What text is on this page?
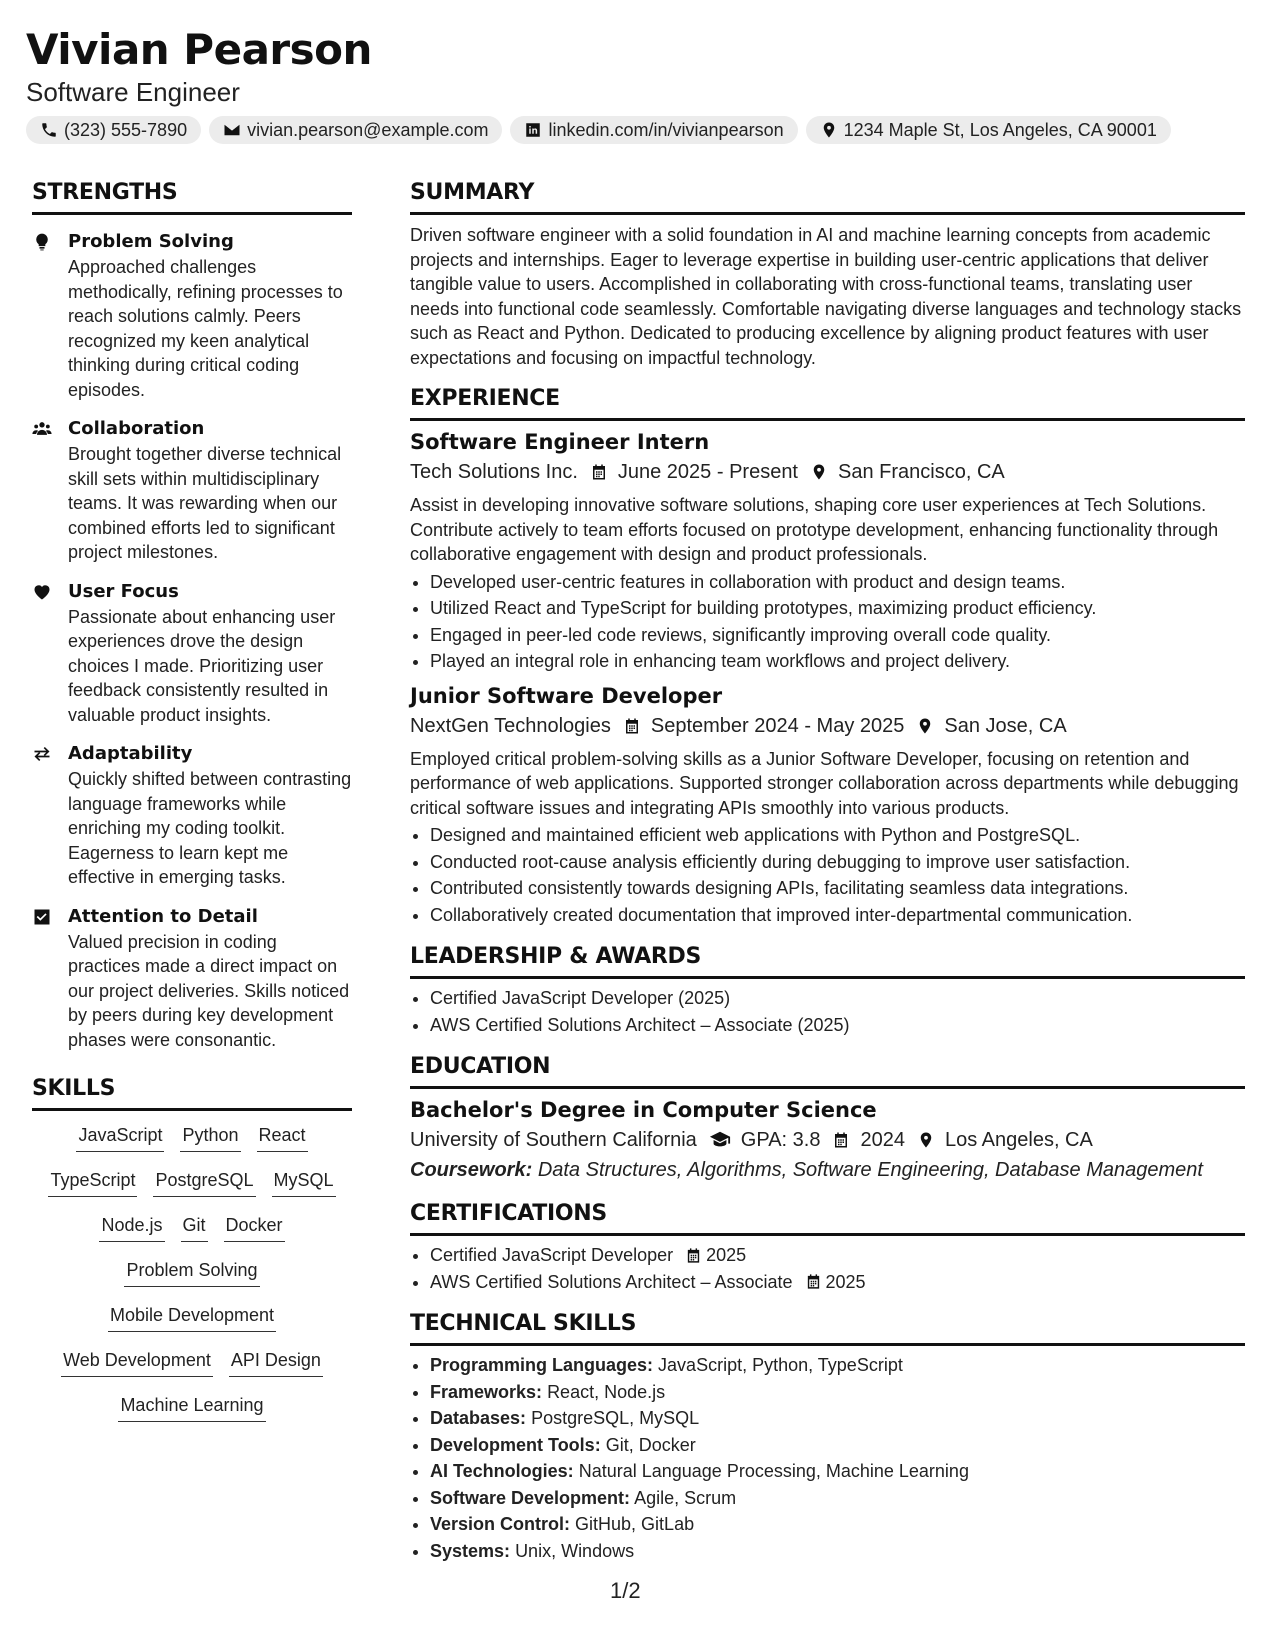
Vivian Pearson
Software Engineer
(323) 555-7890	vivian.pearson@example.com	linkedin.com/in/vivianpearson	1234 Maple St, Los Angeles, CA 90001
STRENGTHS
Problem Solving
Approached challenges methodically, refining processes to reach solutions calmly. Peers recognized my keen analytical thinking during critical coding episodes.
Collaboration
Brought together diverse technical skill sets within multidisciplinary teams. It was rewarding when our combined efforts led to significant project milestones.
User Focus
Passionate about enhancing user experiences drove the design choices I made. Prioritizing user feedback consistently resulted in valuable product insights.
Adaptability
Quickly shifted between contrasting language frameworks while enriching my coding toolkit. Eagerness to learn kept me effective in emerging tasks.
Attention to Detail
Valued precision in coding practices made a direct impact on our project deliveries. Skills noticed by peers during key development phases were consonantic.
SKILLS
JavaScript Python React
TypeScript PostgreSQL MySQL
Node.js Git Docker
Problem Solving
Mobile Development
Web Development API Design
Machine Learning
SUMMARY
Driven software engineer with a solid foundation in AI and machine learning concepts from academic projects and internships. Eager to leverage expertise in building user-centric applications that deliver tangible value to users. Accomplished in collaborating with cross-functional teams, translating user needs into functional code seamlessly. Comfortable navigating diverse languages and technology stacks such as React and Python. Dedicated to producing excellence by aligning product features with user expectations and focusing on impactful technology.
EXPERIENCE
Software Engineer Intern
Tech Solutions Inc. June 2025 - Present San Francisco, CA
Assist in developing innovative software solutions, shaping core user experiences at Tech Solutions. Contribute actively to team efforts focused on prototype development, enhancing functionality through collaborative engagement with design and product professionals.
• Developed user-centric features in collaboration with product and design teams.
• Utilized React and TypeScript for building prototypes, maximizing product efficiency.
• Engaged in peer-led code reviews, significantly improving overall code quality.
• Played an integral role in enhancing team workflows and project delivery.
Junior Software Developer
NextGen Technologies September 2024 - May 2025 San Jose, CA
Employed critical problem-solving skills as a Junior Software Developer, focusing on retention and performance of web applications. Supported stronger collaboration across departments while debugging critical software issues and integrating APIs smoothly into various products.
• Designed and maintained efficient web applications with Python and PostgreSQL.
• Conducted root-cause analysis efficiently during debugging to improve user satisfaction.
• Contributed consistently towards designing APIs, facilitating seamless data integrations.
• Collaboratively created documentation that improved inter-departmental communication.
LEADERSHIP & AWARDS
• Certified JavaScript Developer (2025)
• AWS Certified Solutions Architect – Associate (2025)
EDUCATION
Bachelor's Degree in Computer Science
University of Southern California GPA: 3.8 2024 Los Angeles, CA
Coursework: Data Structures, Algorithms, Software Engineering, Database Management
CERTIFICATIONS
• Certified JavaScript Developer 2025
• AWS Certified Solutions Architect – Associate 2025
TECHNICAL SKILLS
• Programming Languages: JavaScript, Python, TypeScript
• Frameworks: React, Node.js
• Databases: PostgreSQL, MySQL
• Development Tools: Git, Docker
• AI Technologies: Natural Language Processing, Machine Learning
• Software Development: Agile, Scrum
• Version Control: GitHub, GitLab
• Systems: Unix, Windows
1/2
